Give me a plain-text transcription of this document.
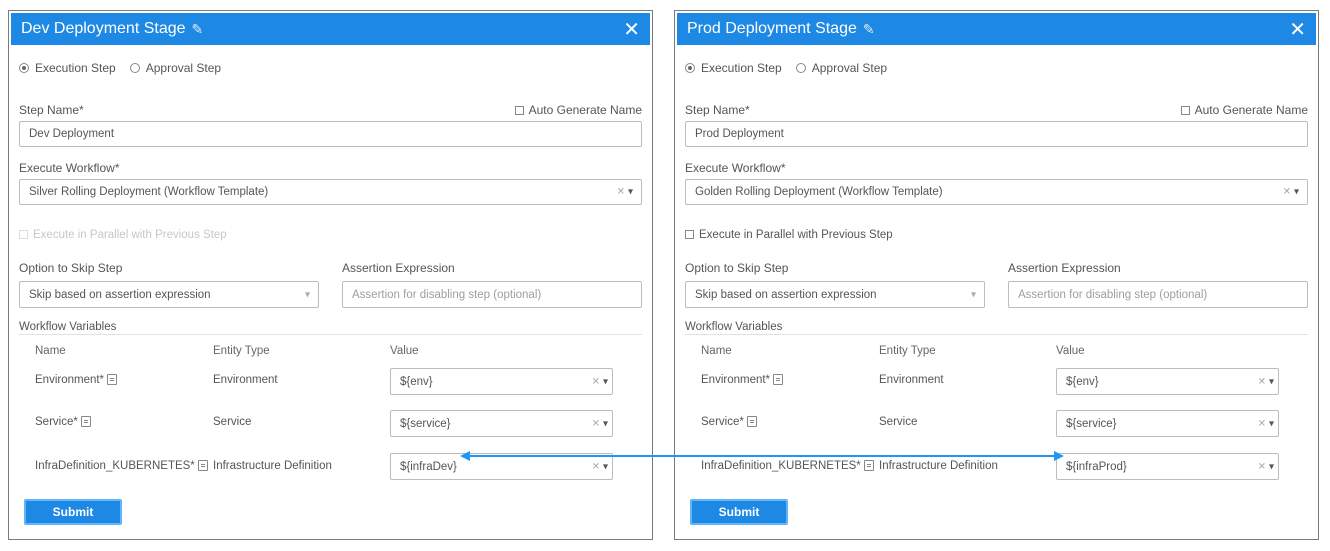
Dev Deployment Stage ✎	✕
Execution Step	Approval Step
Step Name*	Auto Generate Name
Dev Deployment
Execute Workflow*
Silver Rolling Deployment (Workflow Template)	✕ ▾
Execute in Parallel with Previous Step
Option to Skip Step	Assertion Expression
Skip based on assertion expression	▾	Assertion for disabling step (optional)
Workflow Variables
Name	Entity Type	Value
Environment*	Environment	${env}	✕ ▾
Service*	Service	${service}	✕ ▾
InfraDefinition_KUBERNETES*	Infrastructure Definition	${infraDev}	✕ ▾
Submit
Prod Deployment Stage ✎	✕
Execution Step	Approval Step
Step Name*	Auto Generate Name
Prod Deployment
Execute Workflow*
Golden Rolling Deployment (Workflow Template)	✕ ▾
Execute in Parallel with Previous Step
Option to Skip Step	Assertion Expression
Skip based on assertion expression	▾	Assertion for disabling step (optional)
Workflow Variables
Name	Entity Type	Value
Environment*	Environment	${env}	✕ ▾
Service*	Service	${service}	✕ ▾
InfraDefinition_KUBERNETES*	Infrastructure Definition	${infraProd}	✕ ▾
Submit
